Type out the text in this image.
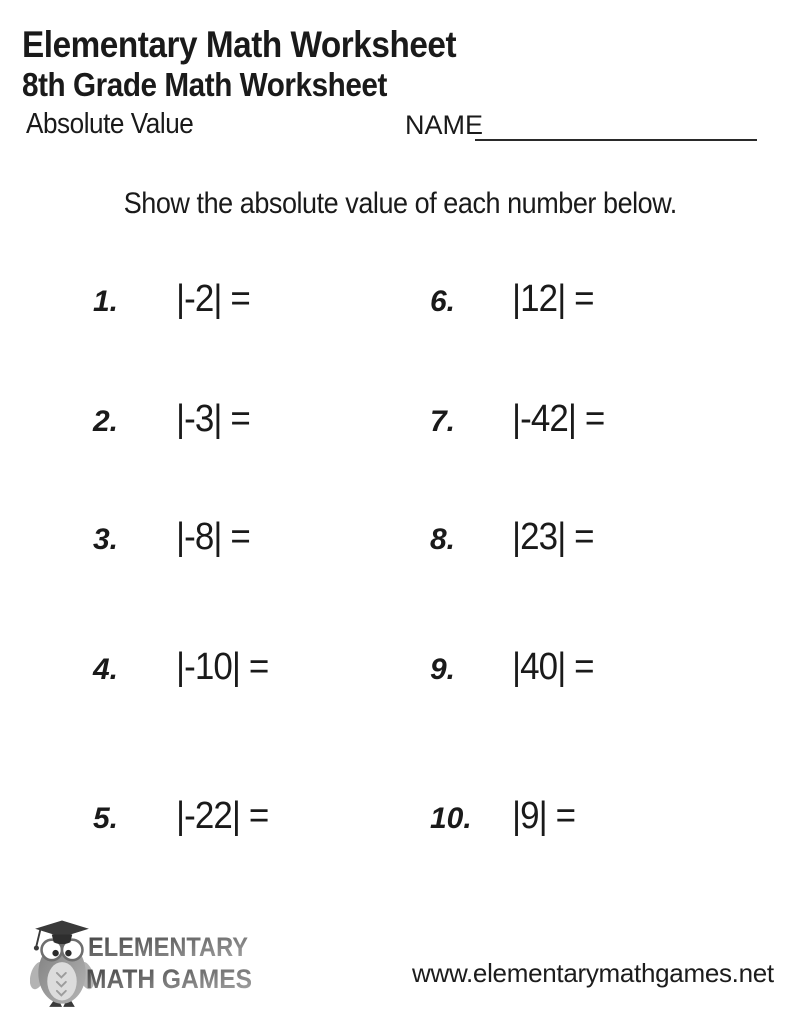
Elementary Math Worksheet
8th Grade Math Worksheet
Absolute Value	NAME
Show the absolute value of each number below.
1.	|-2| =
2.	|-3| =
3.	|-8| =
4.	|-10| =
5.	|-22| =
6.	|12| =
7.	|-42| =
8.	|23| =
9.	|40| =
10.	|9| =
ELEMENTARY
MATH GAMES	www.elementarymathgames.net
